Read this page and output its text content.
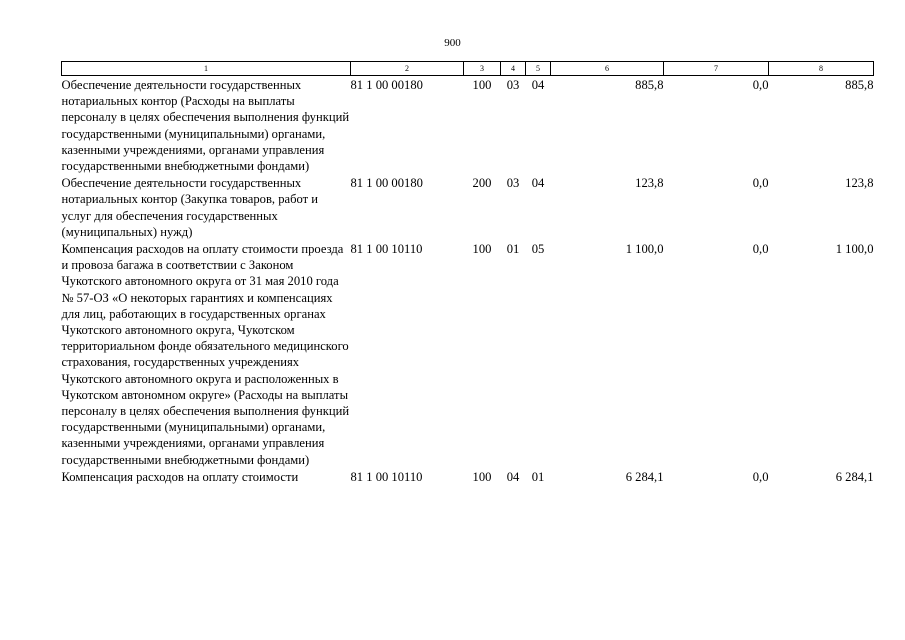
900
1	2	3	4	5	6	7	8
Обеспечение деятельности государственных нотариальных контор (Расходы на выплаты персоналу в целях обеспечения выполнения функций государственными (муниципальными) органами, казенными учреждениями, органами управления государственными внебюджетными фондами)	81 1 00 00180	100	03	04	885,8	0,0	885,8
Обеспечение деятельности государственных нотариальных контор (Закупка товаров, работ и услуг для обеспечения государственных (муниципальных) нужд)	81 1 00 00180	200	03	04	123,8	0,0	123,8
Компенсация расходов на оплату стоимости проезда и провоза багажа в соответствии с Законом Чукотского автономного округа от 31 мая 2010 года № 57-ОЗ «О некоторых гарантиях и компенсациях для лиц, работающих в государственных органах Чукотского автономного округа, Чукотском территориальном фонде обязательного медицинского страхования, государственных учреждениях Чукотского автономного округа и расположенных в Чукотском автономном округе» (Расходы на выплаты персоналу в целях обеспечения выполнения функций государственными (муниципальными) органами, казенными учреждениями, органами управления государственными внебюджетными фондами)	81 1 00 10110	100	01	05	1 100,0	0,0	1 100,0
Компенсация расходов на оплату стоимости	81 1 00 10110	100	04	01	6 284,1	0,0	6 284,1
